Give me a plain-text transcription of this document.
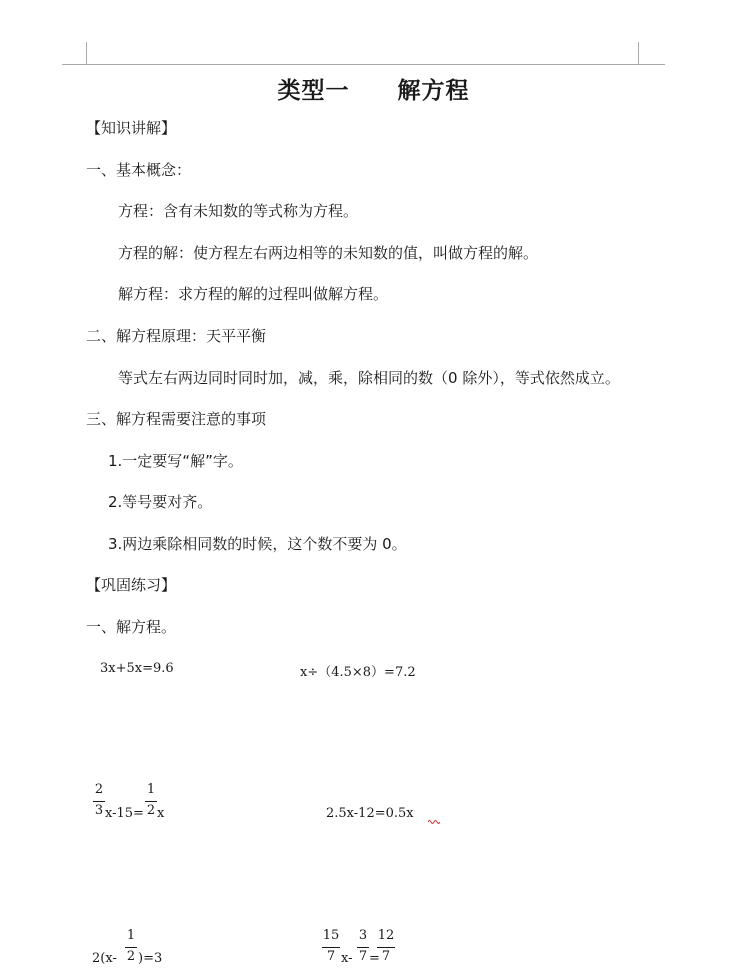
类型一　　解方程
【知识讲解】
一、基本概念：
方程：含有未知数的等式称为方程。
方程的解：使方程左右两边相等的未知数的值，叫做方程的解。
解方程：求方程的解的过程叫做解方程。
二、解方程原理：天平平衡
等式左右两边同时同时加，减，乘，除相同的数（0 除外），等式依然成立。
三、解方程需要注意的事项
1.一定要写“解”字。
2.等号要对齐。
3.两边乘除相同数的时候，这个数不要为 0。
【巩固练习】
一、解方程。
3x+5x=9.6	x÷（4.5×8）=7.2
2
3 x-15=
1
2 x	2.5x-12=0.5x
2(x-
1
2 )=3
15
7 x-
3
7 =
12
7
